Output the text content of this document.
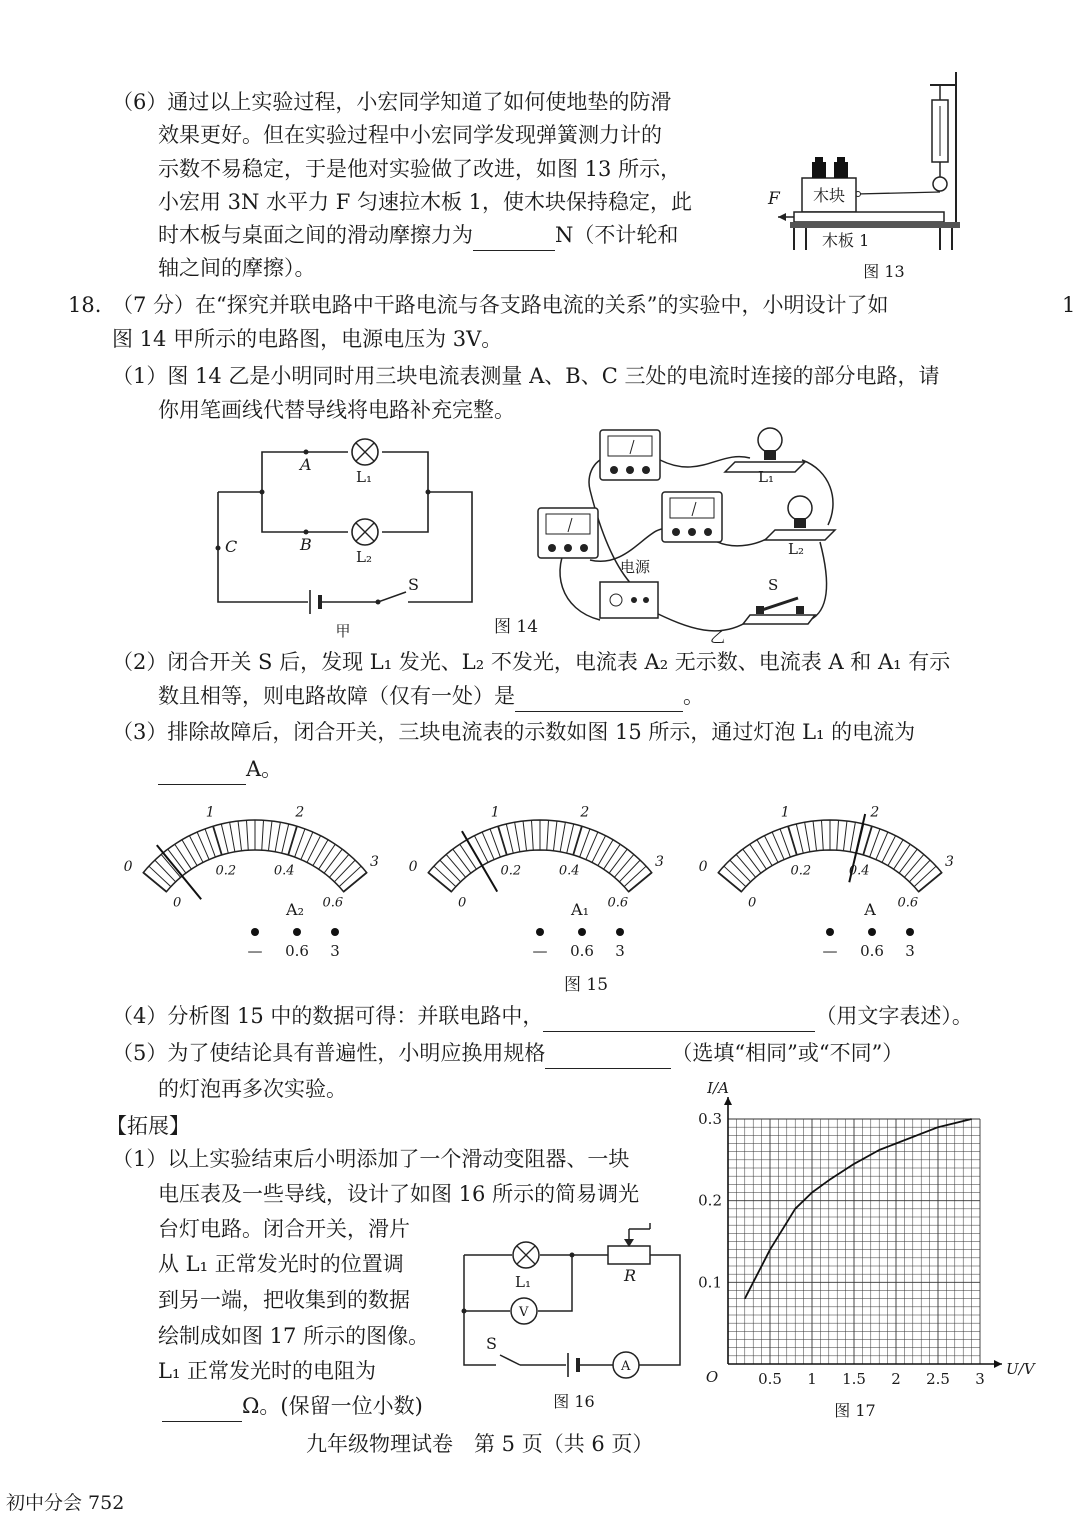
（6）通过以上实验过程，小宏同学知道了如何使地垫的防滑
效果更好。但在实验过程中小宏同学发现弹簧测力计的
示数不易稳定，于是他对实验做了改进，如图 13 所示，
小宏用 3N 水平力 F 匀速拉木板 1，使木块保持稳定，此
时木板与桌面之间的滑动摩擦力为	N（不计轮和
轴之间的摩擦）。
木块
F
木板 1
图 13
18. （7 分）在“探究并联电路中干路电流与各支路电流的关系”的实验中，小明设计了如
图 14 甲所示的电路图，电源电压为 3V。
1
（1）图 14 乙是小明同时用三块电流表测量 A、B、C 三处的电流时连接的部分电路，请
你用笔画线代替导线将电路补充完整。
A
B
C
L₁
L₂
S
甲	图 14
L₁
L₂
电源
S
乙
（2）闭合开关 S 后，发现 L₁ 发光、L₂ 不发光，电流表 A₂ 无示数、电流表 A 和 A₁ 有示
数且相等，则电路故障（仅有一处）是	。
（3）排除故障后，闭合开关，三块电流表的示数如图 15 所示，通过灯泡 L₁ 的电流为
A。
1	2
3
0
0
0.2	0.4
0.6
A₂
— 0.6 3
1	2
3
0
0
0.2	0.4
0.6
A₁
— 0.6 3
1	2
3
0
0
0.2	0.4
0.6
A
— 0.6 3
图 15
（4）分析图 15 中的数据可得：并联电路中，	（用文字表述）。
（5）为了使结论具有普遍性，小明应换用规格	（选填“相同”或“不同”）
的灯泡再多次实验。
【拓展】
（1）以上实验结束后小明添加了一个滑动变阻器、一块
电压表及一些导线，设计了如图 16 所示的简易调光
台灯电路。闭合开关，滑片
从 L₁ 正常发光时的位置调
到另一端，把收集到的数据
绘制成如图 17 所示的图像。
L₁ 正常发光时的电阻为
Ω。(保留一位小数)
L₁	R
V
A
S
图 16
I/A
U/V
O	0.5 1 1.5 2 2.5 3
0.1
0.2
0.3
图 17
九年级物理试卷　第 5 页（共 6 页）
初中分会 752
